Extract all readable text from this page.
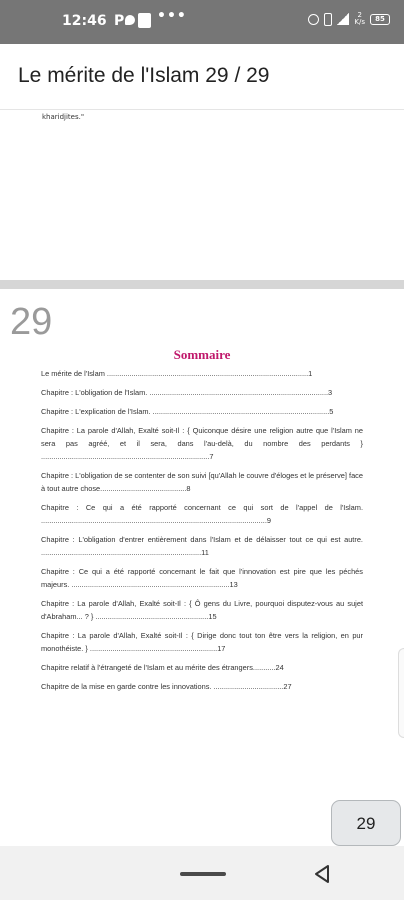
12:46 P •••	2
K/s	85
Le mérite de l'Islam 29 / 29
kharidjites."
29
Sommaire
Le mérite de l'Islam ..................................................................................................1
Chapitre : L'obligation de l'Islam. .......................................................................................3
Chapitre : L'explication de l'Islam. ......................................................................................5
Chapitre : La parole d'Allah, Exalté soit-Il : { Quiconque désire une religion autre que l'Islam ne sera pas agréé, et il sera, dans l'au-delà, du nombre des perdants } ..................................................................................7
Chapitre : L'obligation de se contenter de son suivi [qu'Allah le couvre d'éloges et le préserve] face à tout autre chose..........................................8
Chapitre : Ce qui a été rapporté concernant ce qui sort de l'appel de l'Islam. ..............................................................................................................9
Chapitre : L'obligation d'entrer entièrement dans l'Islam et de délaisser tout ce qui est autre. ..............................................................................11
Chapitre : Ce qui a été rapporté concernant le fait que l'innovation est pire que les péchés majeurs. .............................................................................13
Chapitre : La parole d'Allah, Exalté soit-Il : { Ô gens du Livre, pourquoi disputez-vous au sujet d'Abraham... ? } .......................................................15
Chapitre : La parole d'Allah, Exalté soit-Il : { Dirige donc tout ton être vers la religion, en pur monothéiste. } ..............................................................17
Chapitre relatif à l'étrangeté de l'Islam et au mérite des étrangers...........24
Chapitre de la mise en garde contre les innovations. ..................................27
29
